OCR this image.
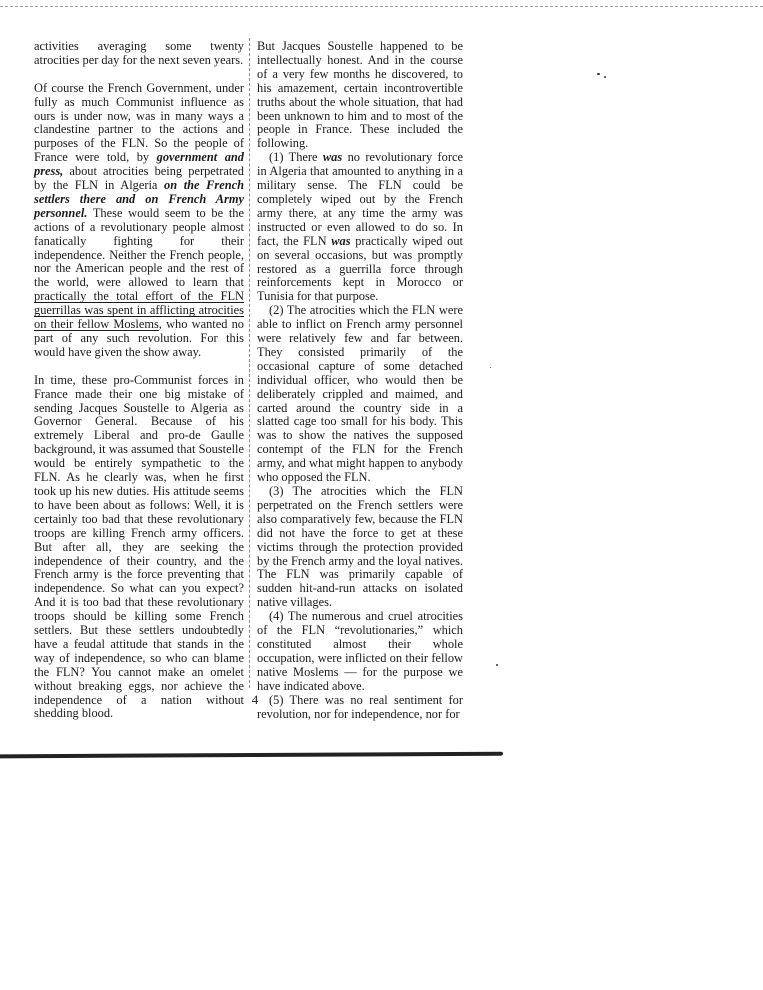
activities averaging some twenty atrocities per day for the next seven years.

Of course the French Government, under fully as much Communist influence as ours is under now, was in many ways a clandestine partner to the actions and purposes of the FLN. So the people of France were told, by government and press, about atrocities being perpetrated by the FLN in Algeria on the French settlers there and on French Army personnel. These would seem to be the actions of a revolutionary people almost fanatically fighting for their independence. Neither the French people, nor the American people and the rest of the world, were allowed to learn that practically the total effort of the FLN guerrillas was spent in afflicting atrocities on their fellow Moslems, who wanted no part of any such revolution. For this would have given the show away.

In time, these pro-Communist forces in France made their one big mistake of sending Jacques Soustelle to Algeria as Governor General. Because of his extremely Liberal and pro-de Gaulle background, it was assumed that Soustelle would be entirely sympathetic to the FLN. As he clearly was, when he first took up his new duties. His attitude seems to have been about as follows: Well, it is certainly too bad that these revolutionary troops are killing French army officers. But after all, they are seeking the independence of their country, and the French army is the force preventing that independence. So what can you expect? And it is too bad that these revolutionary troops should be killing some French settlers. But these settlers undoubtedly have a feudal attitude that stands in the way of independence, so who can blame the FLN? You cannot make an omelet without breaking eggs, nor achieve the independence of a nation without shedding blood.

But Jacques Soustelle happened to be intellectually honest. And in the course of a very few months he discovered, to his amazement, certain incontrovertible truths about the whole situation, that had been unknown to him and to most of the people in France. These included the following.

(1) There was no revolutionary force in Algeria that amounted to anything in a military sense. The FLN could be completely wiped out by the French army there, at any time the army was instructed or even allowed to do so. In fact, the FLN was practically wiped out on several occasions, but was promptly restored as a guerrilla force through reinforcements kept in Morocco or Tunisia for that purpose.

(2) The atrocities which the FLN were able to inflict on French army personnel were relatively few and far between. They consisted primarily of the occasional capture of some detached individual officer, who would then be deliberately crippled and maimed, and carted around the country side in a slatted cage too small for his body. This was to show the natives the supposed contempt of the FLN for the French army, and what might happen to anybody who opposed the FLN.

(3) The atrocities which the FLN perpetrated on the French settlers were also comparatively few, because the FLN did not have the force to get at these victims through the protection provided by the French army and the loyal natives. The FLN was primarily capable of sudden hit-and-run attacks on isolated native villages.

(4) The numerous and cruel atrocities of the FLN “revolutionaries,” which constituted almost their whole occupation, were inflicted on their fellow native Moslems — for the purpose we have indicated above.

(5) There was no real sentiment for revolution, nor for independence, nor for

4
